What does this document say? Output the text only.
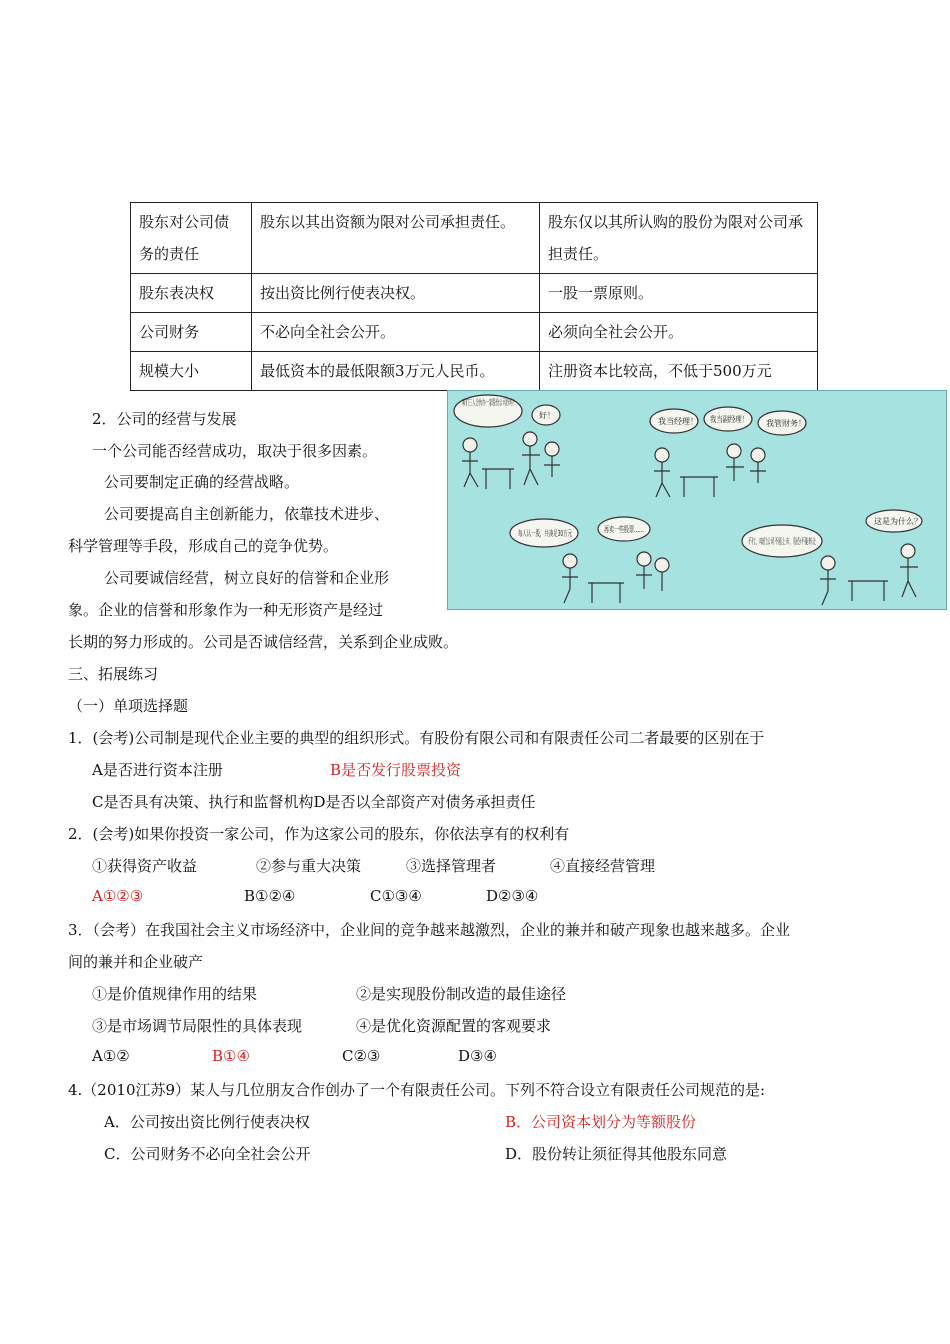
股东对公司债务的责任	股东以其出资额为限对公司承担责任。	股东仅以其所认购的股份为限对公司承担责任。
股东表决权	按出资比例行使表决权。	一股一票原则。
公司财务	不必向全社会公开。	必须向全社会公开。
规模大小	最低资本的最低限额3万元人民币。	注册资本比较高，不低于500万元
2．公司的经营与发展
一个公司能否经营成功，取决于很多因素。
公司要制定正确的经营战略。
公司要提高自主创新能力，依靠技术进步、
科学管理等手段，形成自己的竞争优势。
公司要诚信经营，树立良好的信誉和企业形
象。企业的信誉和形象作为一种无形资产是经过
长期的努力形成的。公司是否诚信经营，关系到企业成败。
好！
我当经理！ 我当副经理！ 我管财务！
每人认一股，共凑足30万元
再卖一些股票……
这是为什么？
三、拓展练习
（一）单项选择题
1．(会考)公司制是现代企业主要的典型的组织形式。有股份有限公司和有限责任公司二者最要的区别在于
A是否进行资本注册	B是否发行股票投资
C是否具有决策、执行和监督机构D是否以全部资产对债务承担责任
2．(会考)如果你投资一家公司，作为这家公司的股东，你依法享有的权利有
①获得资产收益	②参与重大决策	③选择管理者	④直接经营管理
A①②③	B①②④	C①③④	D②③④
3．（会考）在我国社会主义市场经济中，企业间的竞争越来越激烈，企业的兼并和破产现象也越来越多。企业
间的兼并和企业破产
①是价值规律作用的结果	②是实现股份制改造的最佳途径
③是市场调节局限性的具体表现	④是优化资源配置的客观要求
A①②	B①④	C②③	D③④
4.（2010江苏9）某人与几位朋友合作创办了一个有限责任公司。下列不符合设立有限责任公司规范的是:
A．公司按出资比例行使表决权	B．公司资本划分为等额股份
C．公司财务不必向全社会公开	D．股份转让须征得其他股东同意
